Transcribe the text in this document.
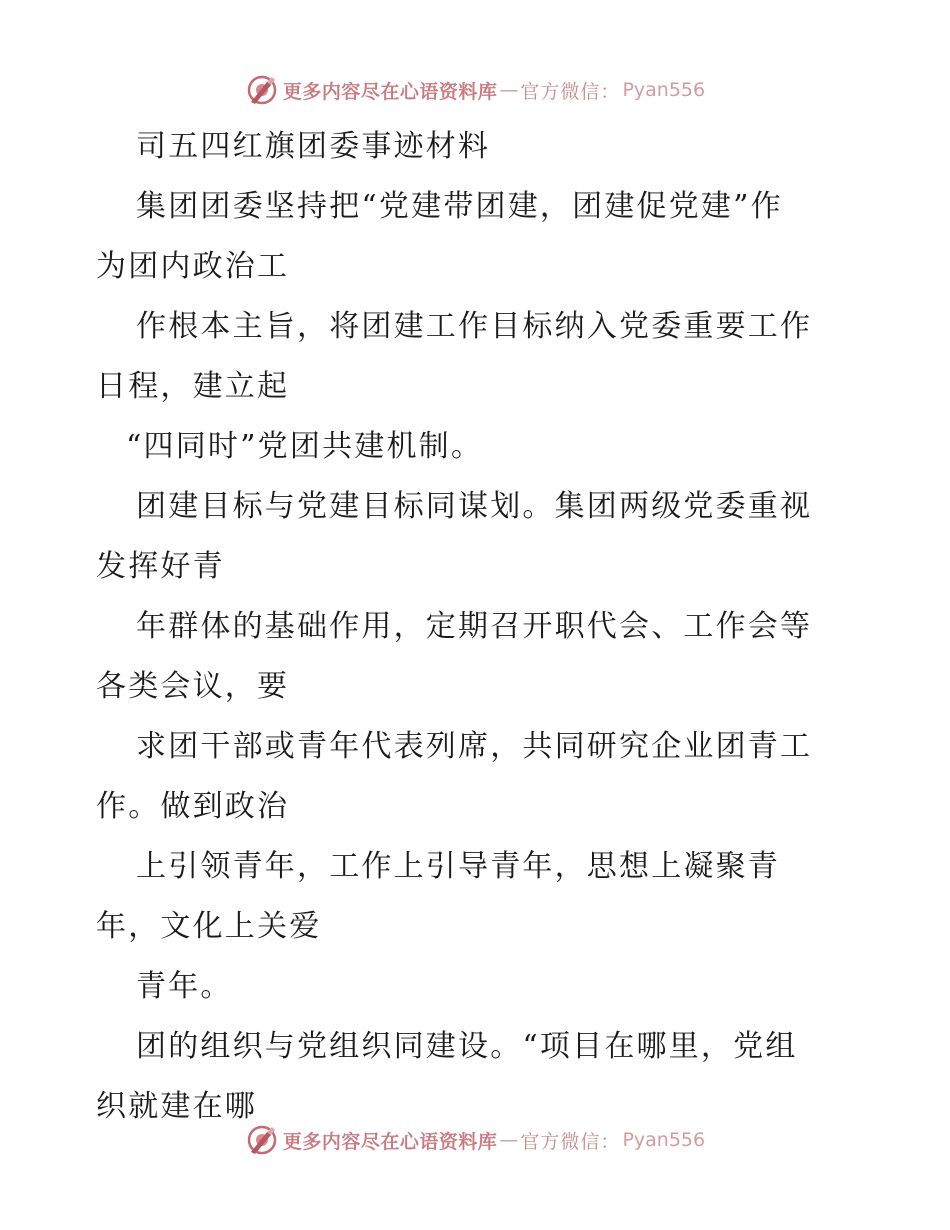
更多内容尽在心语资料库 — 官方微信： Pyan556
司五四红旗团委事迹材料
集团团委坚持把“党建带团建，团建促党建”作
为团内政治工
作根本主旨，将团建工作目标纳入党委重要工作
日程，建立起
“四同时”党团共建机制。
团建目标与党建目标同谋划。集团两级党委重视
发挥好青
年群体的基础作用，定期召开职代会、工作会等
各类会议，要
求团干部或青年代表列席，共同研究企业团青工
作。做到政治
上引领青年，工作上引导青年，思想上凝聚青
年，文化上关爱
青年。
团的组织与党组织同建设。“项目在哪里，党组
织就建在哪
更多内容尽在心语资料库 — 官方微信： Pyan556
